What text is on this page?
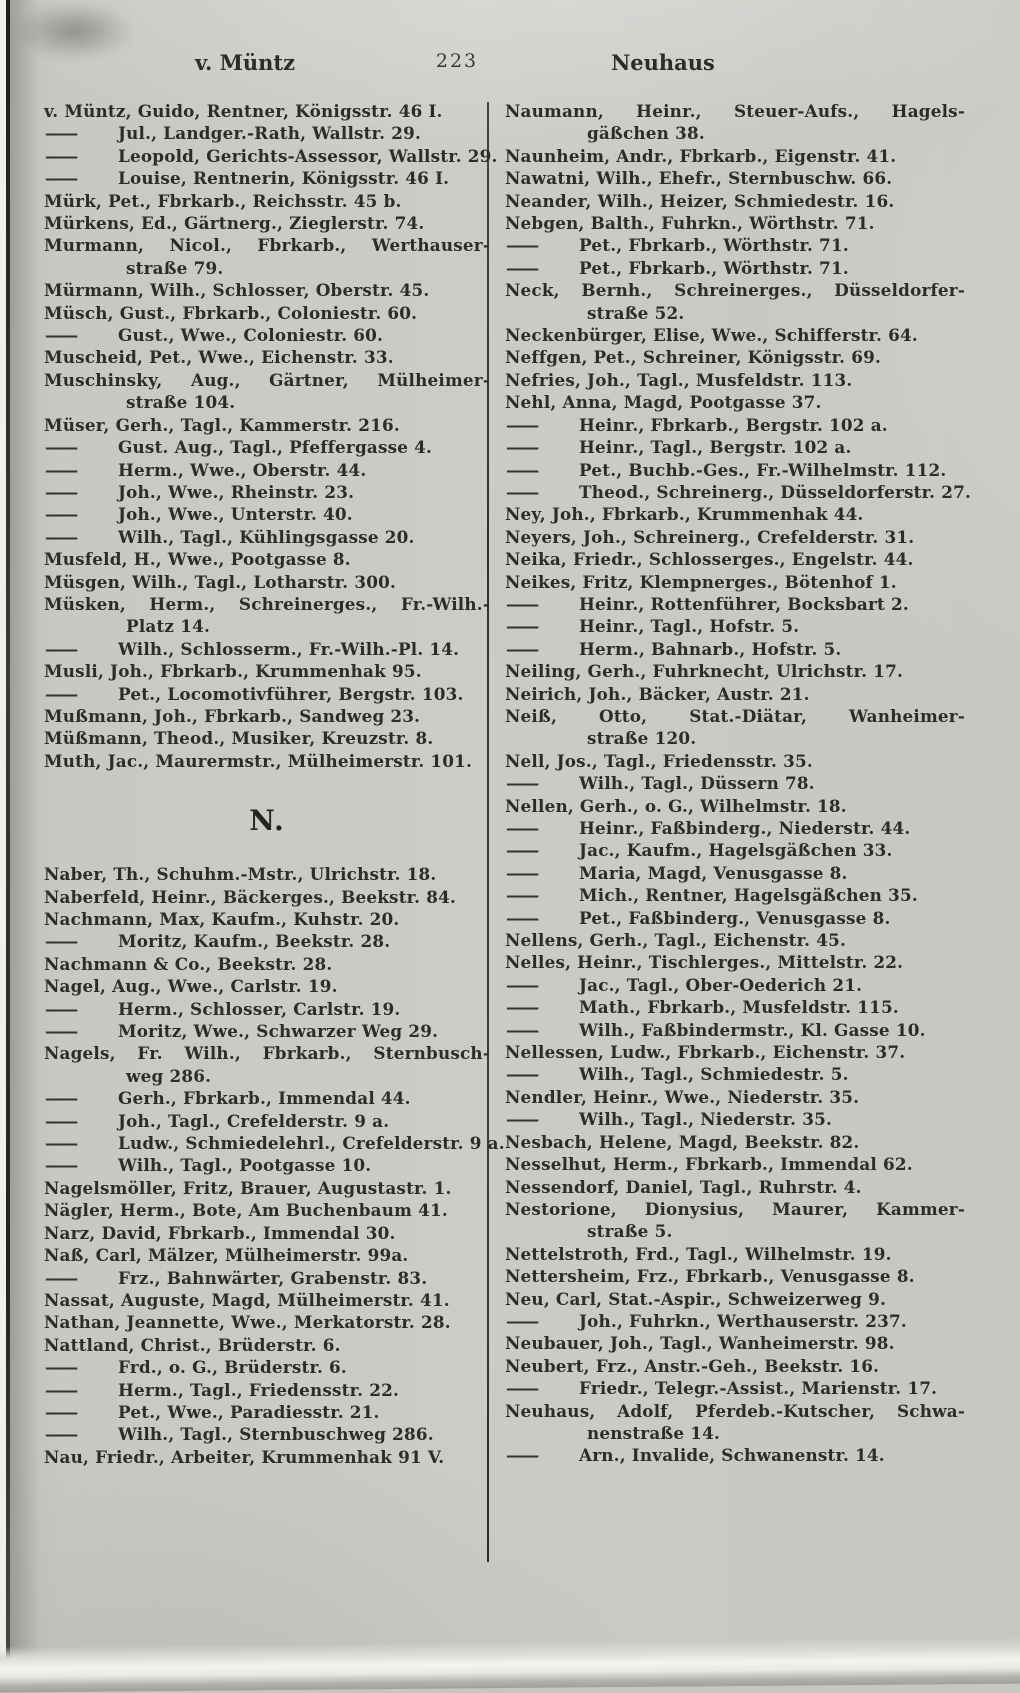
v. Müntz	223	Neuhaus
v. Müntz, Guido, Rentner, Königsstr. 46 I.
— Jul., Landger.-Rath, Wallstr. 29.
— Leopold, Gerichts-Assessor, Wallstr. 29.
— Louise, Rentnerin, Königsstr. 46 I.
Mürk, Pet., Fbrkarb., Reichsstr. 45 b.
Mürkens, Ed., Gärtnerg., Zieglerstr. 74.
Murmann, Nicol., Fbrkarb., Werthauser-
straße 79.
Mürmann, Wilh., Schlosser, Oberstr. 45.
Müsch, Gust., Fbrkarb., Coloniestr. 60.
— Gust., Wwe., Coloniestr. 60.
Muscheid, Pet., Wwe., Eichenstr. 33.
Muschinsky, Aug., Gärtner, Mülheimer-
straße 104.
Müser, Gerh., Tagl., Kammerstr. 216.
— Gust. Aug., Tagl., Pfeffergasse 4.
— Herm., Wwe., Oberstr. 44.
— Joh., Wwe., Rheinstr. 23.
— Joh., Wwe., Unterstr. 40.
— Wilh., Tagl., Kühlingsgasse 20.
Musfeld, H., Wwe., Pootgasse 8.
Müsgen, Wilh., Tagl., Lotharstr. 300.
Müsken, Herm., Schreinerges., Fr.-Wilh.-
Platz 14.
— Wilh., Schlosserm., Fr.-Wilh.-Pl. 14.
Musli, Joh., Fbrkarb., Krummenhak 95.
— Pet., Locomotivführer, Bergstr. 103.
Mußmann, Joh., Fbrkarb., Sandweg 23.
Müßmann, Theod., Musiker, Kreuzstr. 8.
Muth, Jac., Maurermstr., Mülheimerstr. 101.
N.
Naber, Th., Schuhm.-Mstr., Ulrichstr. 18.
Naberfeld, Heinr., Bäckerges., Beekstr. 84.
Nachmann, Max, Kaufm., Kuhstr. 20.
— Moritz, Kaufm., Beekstr. 28.
Nachmann & Co., Beekstr. 28.
Nagel, Aug., Wwe., Carlstr. 19.
— Herm., Schlosser, Carlstr. 19.
— Moritz, Wwe., Schwarzer Weg 29.
Nagels, Fr. Wilh., Fbrkarb., Sternbusch-
weg 286.
— Gerh., Fbrkarb., Immendal 44.
— Joh., Tagl., Crefelderstr. 9 a.
— Ludw., Schmiedelehrl., Crefelderstr. 9 a.
— Wilh., Tagl., Pootgasse 10.
Nagelsmöller, Fritz, Brauer, Augustastr. 1.
Nägler, Herm., Bote, Am Buchenbaum 41.
Narz, David, Fbrkarb., Immendal 30.
Naß, Carl, Mälzer, Mülheimerstr. 99a.
— Frz., Bahnwärter, Grabenstr. 83.
Nassat, Auguste, Magd, Mülheimerstr. 41.
Nathan, Jeannette, Wwe., Merkatorstr. 28.
Nattland, Christ., Brüderstr. 6.
— Frd., o. G., Brüderstr. 6.
— Herm., Tagl., Friedensstr. 22.
— Pet., Wwe., Paradiesstr. 21.
— Wilh., Tagl., Sternbuschweg 286.
Nau, Friedr., Arbeiter, Krummenhak 91 V.
Naumann, Heinr., Steuer-Aufs., Hagels-
gäßchen 38.
Naunheim, Andr., Fbrkarb., Eigenstr. 41.
Nawatni, Wilh., Ehefr., Sternbuschw. 66.
Neander, Wilh., Heizer, Schmiedestr. 16.
Nebgen, Balth., Fuhrkn., Wörthstr. 71.
— Pet., Fbrkarb., Wörthstr. 71.
— Pet., Fbrkarb., Wörthstr. 71.
Neck, Bernh., Schreinerges., Düsseldorfer-
straße 52.
Neckenbürger, Elise, Wwe., Schifferstr. 64.
Neffgen, Pet., Schreiner, Königsstr. 69.
Nefries, Joh., Tagl., Musfeldstr. 113.
Nehl, Anna, Magd, Pootgasse 37.
— Heinr., Fbrkarb., Bergstr. 102 a.
— Heinr., Tagl., Bergstr. 102 a.
— Pet., Buchb.-Ges., Fr.-Wilhelmstr. 112.
— Theod., Schreinerg., Düsseldorferstr. 27.
Ney, Joh., Fbrkarb., Krummenhak 44.
Neyers, Joh., Schreinerg., Crefelderstr. 31.
Neika, Friedr., Schlosserges., Engelstr. 44.
Neikes, Fritz, Klempnerges., Bötenhof 1.
— Heinr., Rottenführer, Bocksbart 2.
— Heinr., Tagl., Hofstr. 5.
— Herm., Bahnarb., Hofstr. 5.
Neiling, Gerh., Fuhrknecht, Ulrichstr. 17.
Neirich, Joh., Bäcker, Austr. 21.
Neiß, Otto, Stat.-Diätar, Wanheimer-
straße 120.
Nell, Jos., Tagl., Friedensstr. 35.
— Wilh., Tagl., Düssern 78.
Nellen, Gerh., o. G., Wilhelmstr. 18.
— Heinr., Faßbinderg., Niederstr. 44.
— Jac., Kaufm., Hagelsgäßchen 33.
— Maria, Magd, Venusgasse 8.
— Mich., Rentner, Hagelsgäßchen 35.
— Pet., Faßbinderg., Venusgasse 8.
Nellens, Gerh., Tagl., Eichenstr. 45.
Nelles, Heinr., Tischlerges., Mittelstr. 22.
— Jac., Tagl., Ober-Oederich 21.
— Math., Fbrkarb., Musfeldstr. 115.
— Wilh., Faßbindermstr., Kl. Gasse 10.
Nellessen, Ludw., Fbrkarb., Eichenstr. 37.
— Wilh., Tagl., Schmiedestr. 5.
Nendler, Heinr., Wwe., Niederstr. 35.
— Wilh., Tagl., Niederstr. 35.
Nesbach, Helene, Magd, Beekstr. 82.
Nesselhut, Herm., Fbrkarb., Immendal 62.
Nessendorf, Daniel, Tagl., Ruhrstr. 4.
Nestorione, Dionysius, Maurer, Kammer-
straße 5.
Nettelstroth, Frd., Tagl., Wilhelmstr. 19.
Nettersheim, Frz., Fbrkarb., Venusgasse 8.
Neu, Carl, Stat.-Aspir., Schweizerweg 9.
— Joh., Fuhrkn., Werthauserstr. 237.
Neubauer, Joh., Tagl., Wanheimerstr. 98.
Neubert, Frz., Anstr.-Geh., Beekstr. 16.
— Friedr., Telegr.-Assist., Marienstr. 17.
Neuhaus, Adolf, Pferdeb.-Kutscher, Schwa-
nenstraße 14.
— Arn., Invalide, Schwanenstr. 14.
